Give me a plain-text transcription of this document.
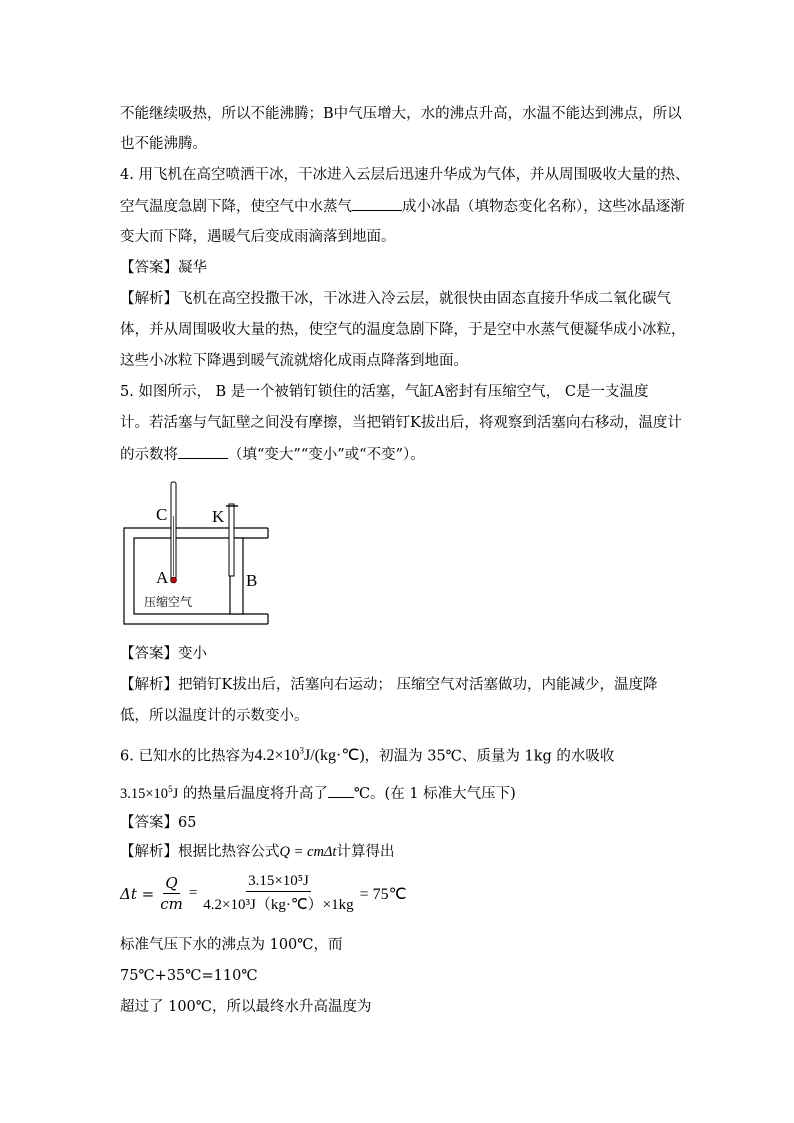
不能继续吸热，所以不能沸腾；B中气压增大，水的沸点升高，水温不能达到沸点，所以
也不能沸腾。
4. 用飞机在高空喷洒干冰，干冰进入云层后迅速升华成为气体，并从周围吸收大量的热、
空气温度急剧下降，使空气中水蒸气	成小冰晶（填物态变化名称），这些冰晶逐渐
变大而下降，遇暖气后变成雨滴落到地面。
【答案】凝华
【解析】飞机在高空投撒干冰，干冰进入冷云层，就很快由固态直接升华成二氧化碳气
体，并从周围吸收大量的热，使空气的温度急剧下降，于是空中水蒸气便凝华成小冰粒，
这些小冰粒下降遇到暖气流就熔化成雨点降落到地面。
5. 如图所示， B 是一个被销钉锁住的活塞，气缸A密封有压缩空气， C是一支温度
计。若活塞与气缸壁之间没有摩擦，当把销钉K拔出后，将观察到活塞向右移动，温度计
的示数将	（填“变大”“变小”或“不变”）。
C	K
A	B
压缩空气
【答案】变小
【解析】把销钉K拔出后，活塞向右运动； 压缩空气对活塞做功，内能减少，温度降
低，所以温度计的示数变小。
6. 已知水的比热容为$4.2\times 10^3J/(kg\cdot℃)$，初温为 35℃、质量为 1kg 的水吸收
$3.15\times 10^5J$ 的热量后温度将升高了 ℃。(在 1 标准大气压下)
【答案】65
【解析】根据比热容公式Q = cmΔt计算得出
$\Delta t = \frac{Q}{cm} = \frac{\text{3.15×10⁵J}}{\text{4.2×10³J（kg·℃）×1kg}}$ = 75℃
标准气压下水的沸点为 100℃，而
75℃+35℃=110℃
超过了 100℃，所以最终水升高温度为
